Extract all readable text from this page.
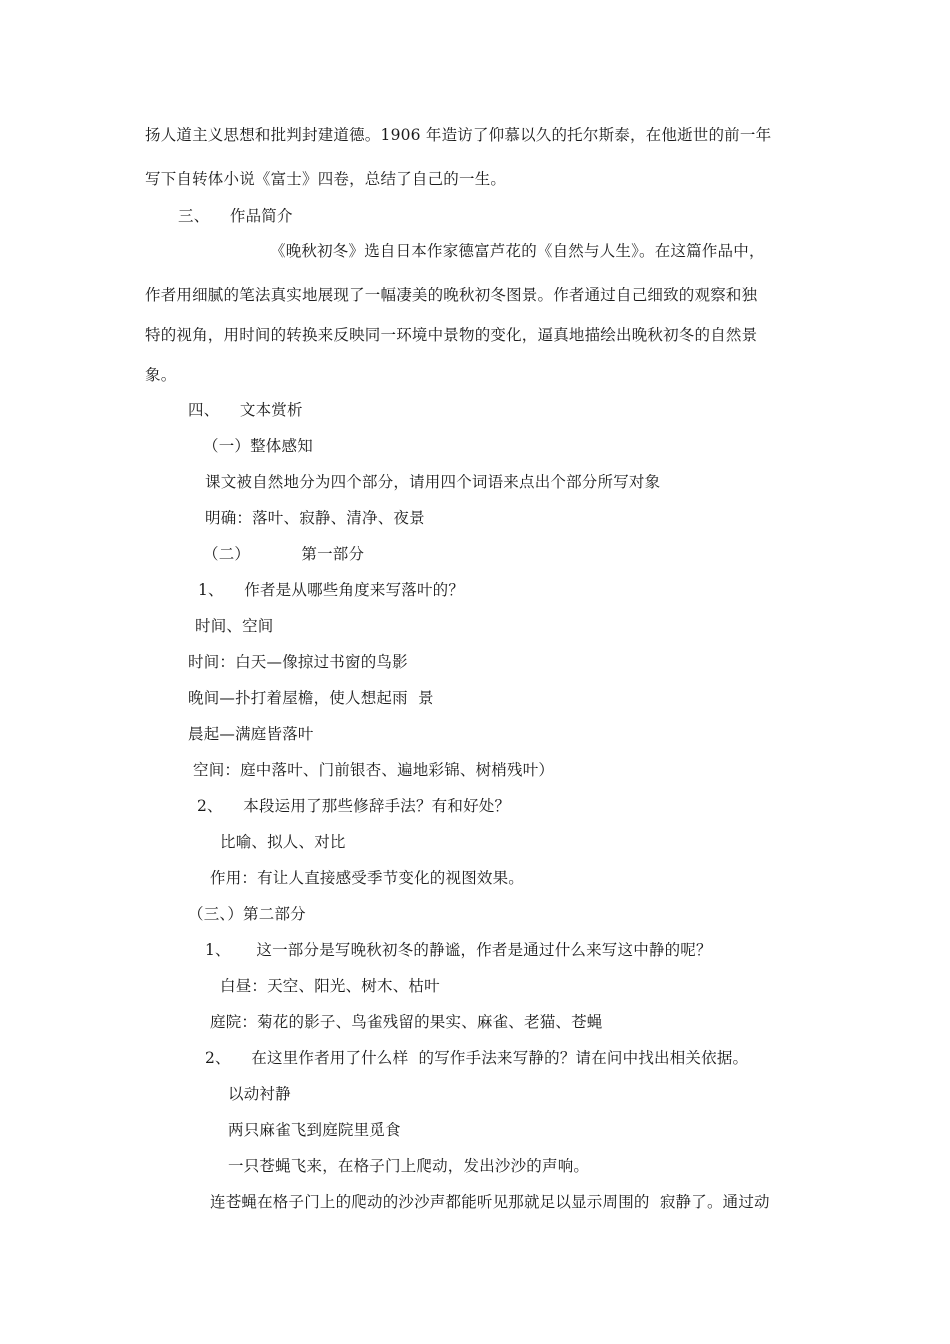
扬人道主义思想和批判封建道德。1906 年造访了仰慕以久的托尔斯泰，在他逝世的前一年
写下自转体小说《富士》四卷，总结了自己的一生。
三、    作品简介
《晚秋初冬》选自日本作家德富芦花的《自然与人生》。在这篇作品中，
作者用细腻的笔法真实地展现了一幅凄美的晚秋初冬图景。作者通过自己细致的观察和独
特的视角，用时间的转换来反映同一环境中景物的变化，逼真地描绘出晚秋初冬的自然景
象。
四、    文本赏析
（一）整体感知
课文被自然地分为四个部分，请用四个词语来点出个部分所写对象
明确：落叶、寂静、清净、夜景
（二）          第一部分
1、    作者是从哪些角度来写落叶的？
时间、空间
时间：白天—像掠过书窗的鸟影
晚间—扑打着屋檐，使人想起雨  景
晨起—满庭皆落叶
空间：庭中落叶、门前银杏、遍地彩锦、树梢残叶）
2、    本段运用了那些修辞手法？有和好处？
比喻、拟人、对比
作用：有让人直接感受季节变化的视图效果。
（三、）第二部分
1、     这一部分是写晚秋初冬的静谧，作者是通过什么来写这中静的呢？
白昼：天空、阳光、树木、枯叶
庭院：菊花的影子、鸟雀残留的果实、麻雀、老猫、苍蝇
2、    在这里作者用了什么样  的写作手法来写静的？请在问中找出相关依据。
以动衬静
两只麻雀飞到庭院里觅食
一只苍蝇飞来，在格子门上爬动，发出沙沙的声响。
连苍蝇在格子门上的爬动的沙沙声都能听见那就足以显示周围的  寂静了。通过动
